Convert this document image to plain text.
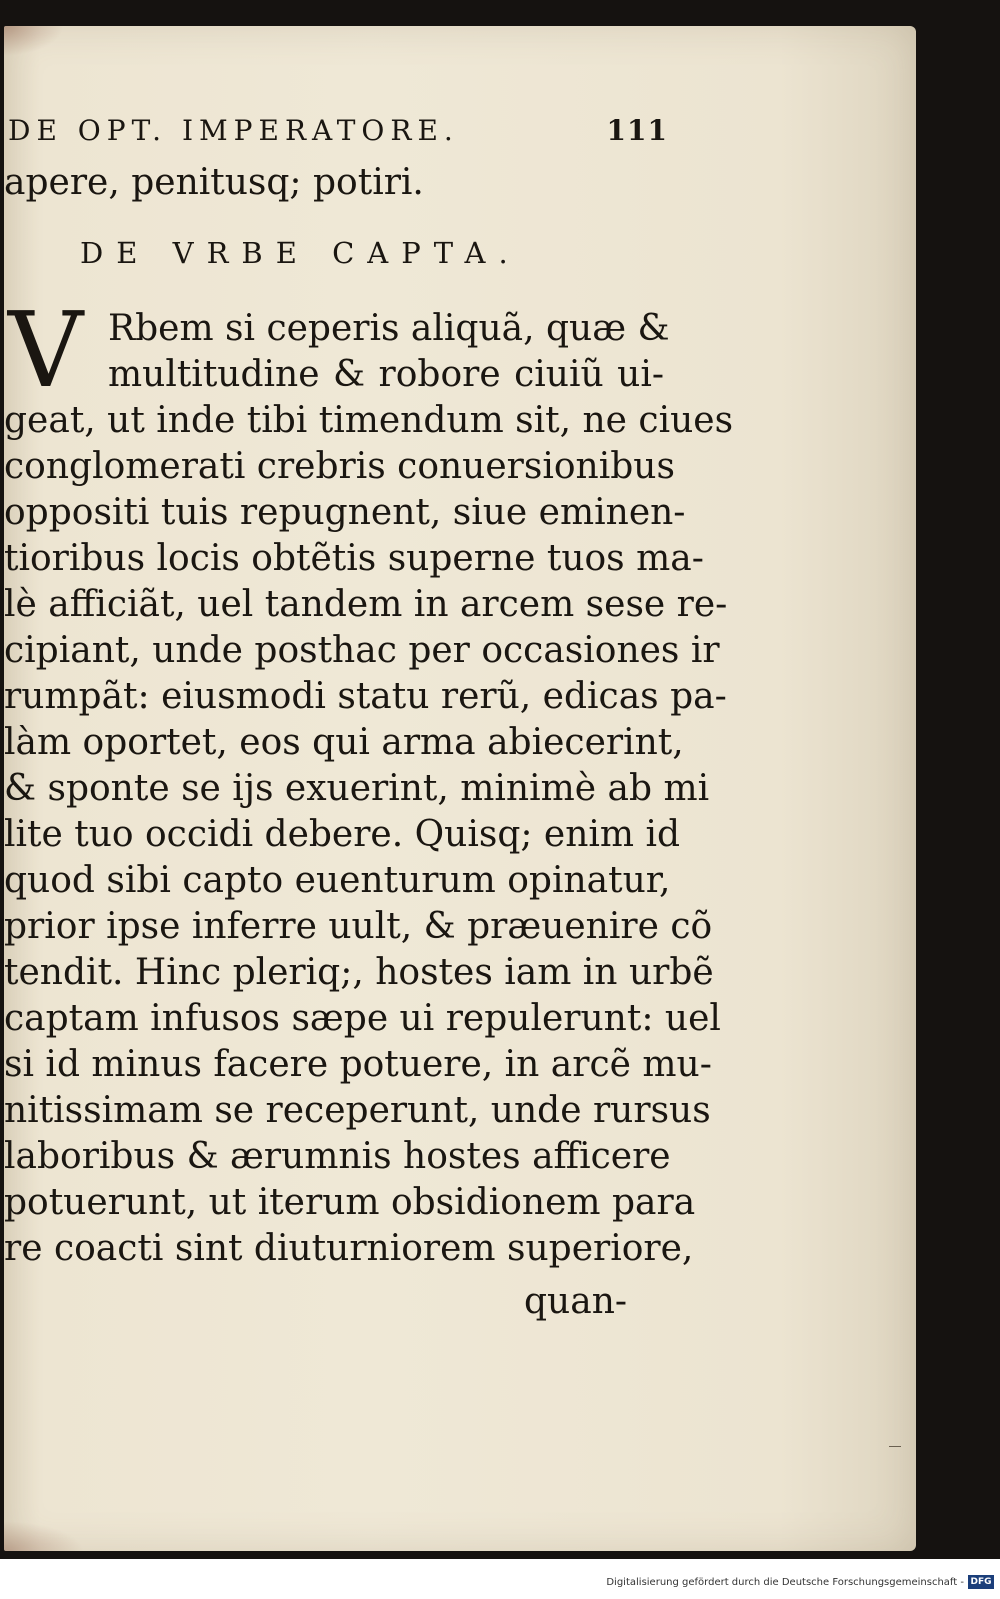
DE OPT. IMPERATORE.	111
apere, penitusq; potiri.
DE VRBE CAPTA.
V Rbem si ceperis aliquã, quæ &
multitudine & robore ciuiũ ui-
geat, ut inde tibi timendum sit, ne ciues
conglomerati crebris conuersionibus
oppositi tuis repugnent, siue eminen-
tioribus locis obtẽtis superne tuos ma-
lè afficiãt, uel tandem in arcem sese re-
cipiant, unde posthac per occasiones ir
rumpãt: eiusmodi statu rerũ, edicas pa-
làm oportet, eos qui arma abiecerint,
& sponte se ijs exuerint, minimè ab mi
lite tuo occidi debere. Quisq; enim id
quod sibi capto euenturum opinatur,
prior ipse inferre uult, & præuenire cõ
tendit. Hinc pleriq;, hostes iam in urbẽ
captam infusos sæpe ui repulerunt: uel
si id minus facere potuere, in arcẽ mu-
nitissimam se receperunt, unde rursus
laboribus & ærumnis hostes afficere
potuerunt, ut iterum obsidionem para
re coacti sint diuturniorem superiore,
quan-
Digitalisierung gefördert durch die Deutsche Forschungsgemeinschaft - DFG
